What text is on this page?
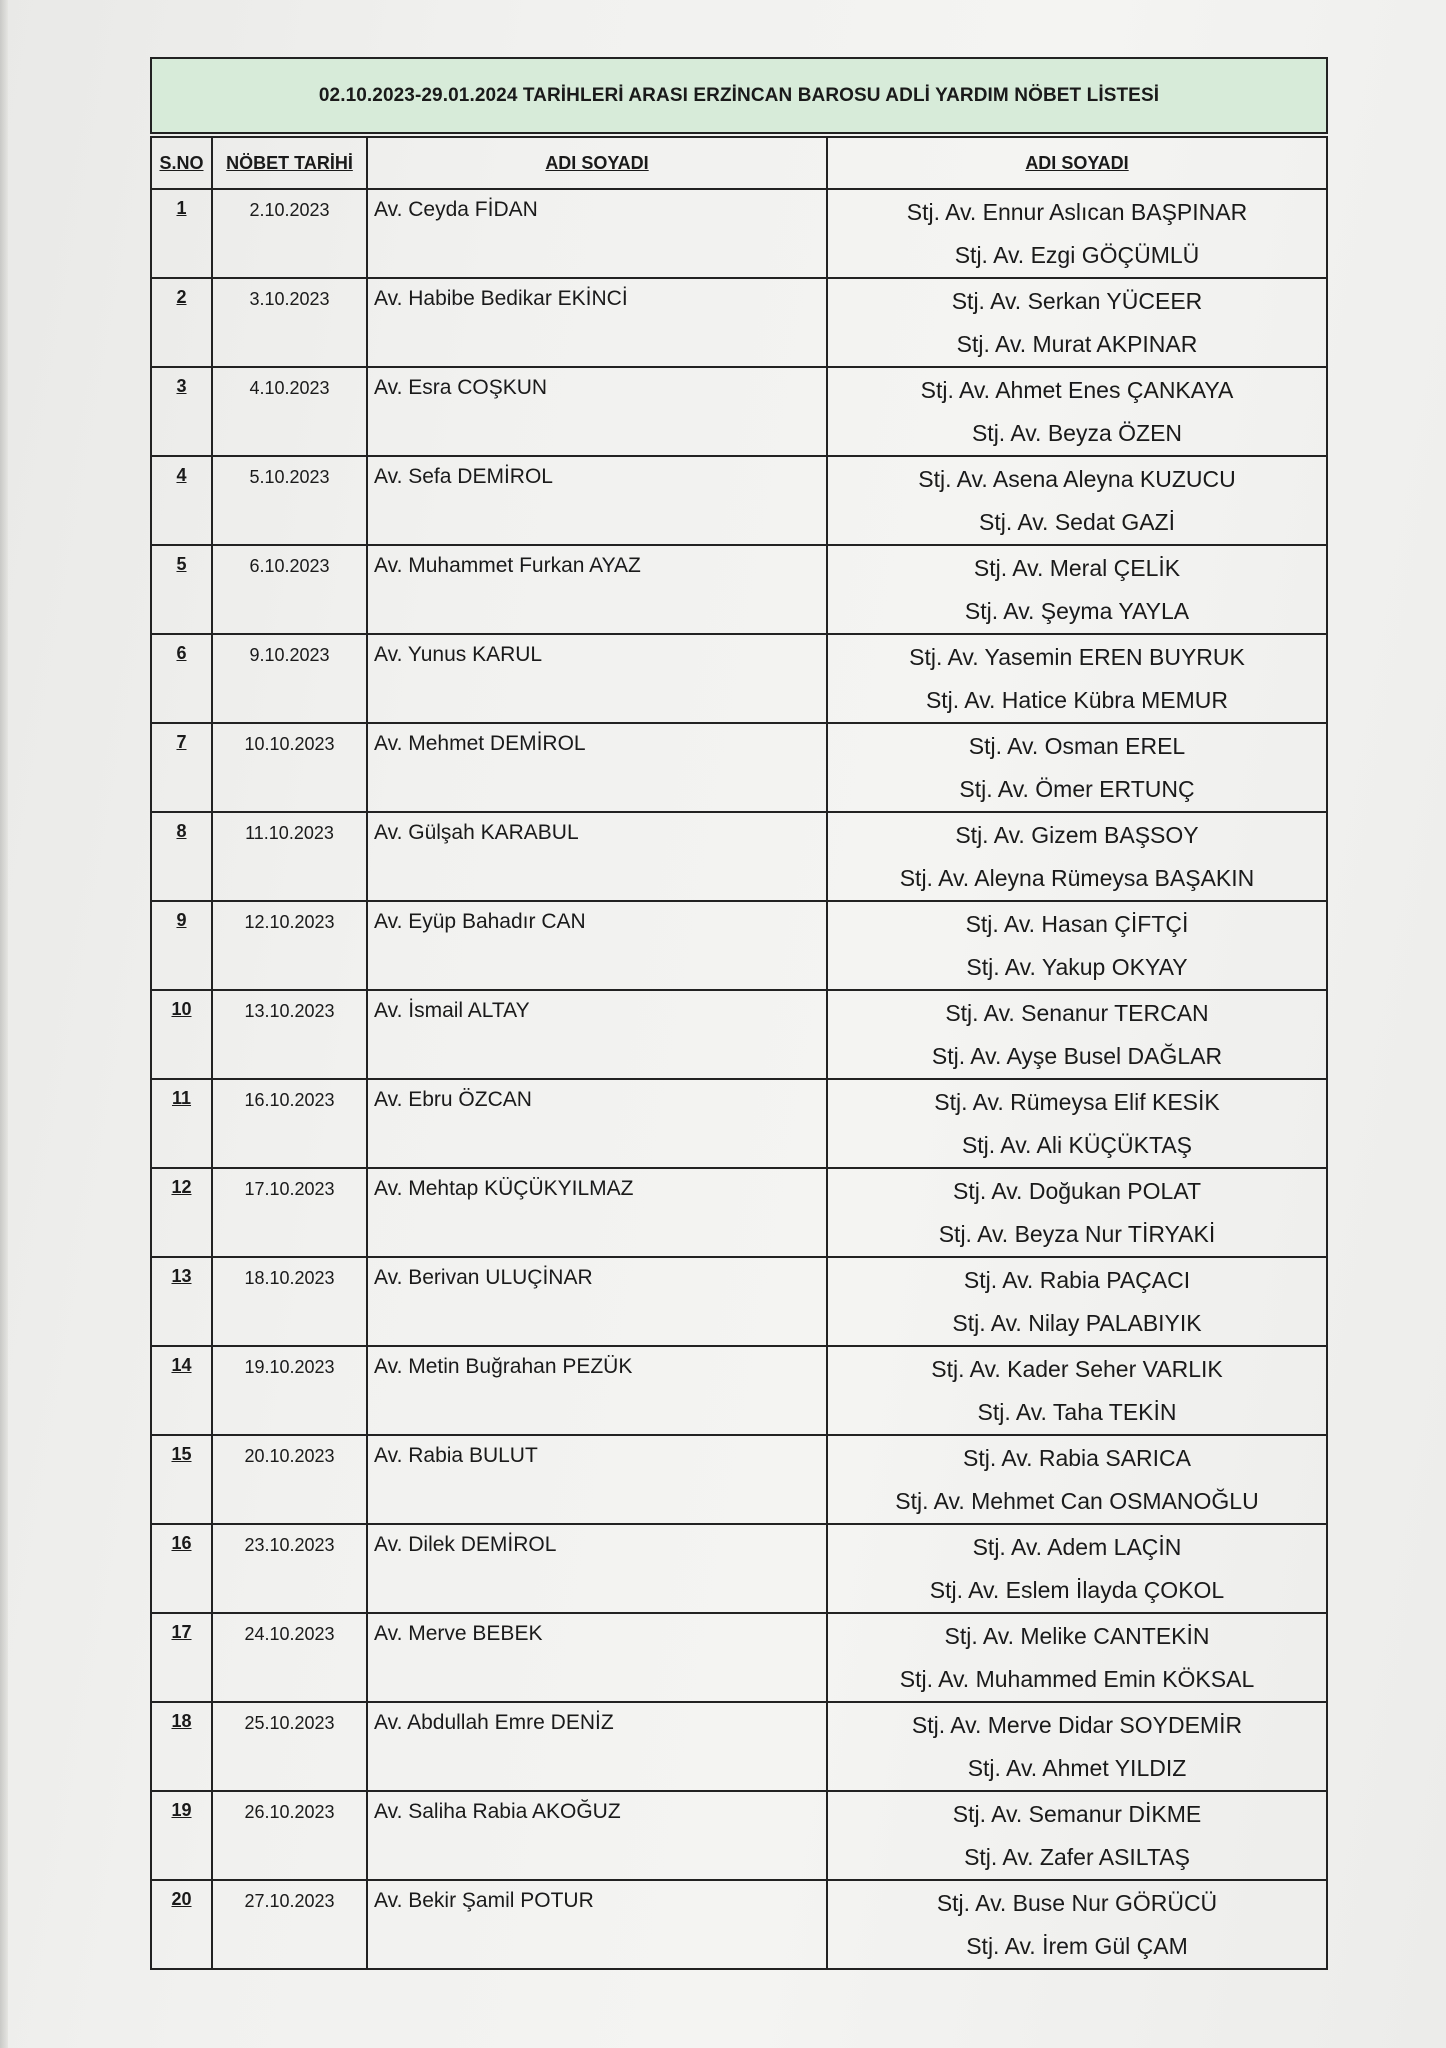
02.10.2023-29.01.2024 TARİHLERİ ARASI ERZİNCAN BAROSU ADLİ YARDIM NÖBET LİSTESİ
S.NO	NÖBET TARİHİ	ADI SOYADI	ADI SOYADI
1	2.10.2023	Av. Ceyda FİDAN	Stj. Av. Ennur Aslıcan BAŞPINAR
Stj. Av. Ezgi GÖÇÜMLÜ

2	3.10.2023	Av. Habibe Bedikar EKİNCİ	Stj. Av. Serkan YÜCEER
Stj. Av. Murat AKPINAR

3	4.10.2023	Av. Esra COŞKUN	Stj. Av. Ahmet Enes ÇANKAYA
Stj. Av. Beyza ÖZEN

4	5.10.2023	Av. Sefa DEMİROL	Stj. Av. Asena Aleyna KUZUCU
Stj. Av. Sedat GAZİ

5	6.10.2023	Av. Muhammet Furkan AYAZ	Stj. Av. Meral ÇELİK
Stj. Av. Şeyma YAYLA

6	9.10.2023	Av. Yunus KARUL	Stj. Av. Yasemin EREN BUYRUK
Stj. Av. Hatice Kübra MEMUR

7	10.10.2023	Av. Mehmet DEMİROL	Stj. Av. Osman EREL
Stj. Av. Ömer ERTUNÇ

8	11.10.2023	Av. Gülşah KARABUL	Stj. Av. Gizem BAŞSOY
Stj. Av. Aleyna Rümeysa BAŞAKIN

9	12.10.2023	Av. Eyüp Bahadır CAN	Stj. Av. Hasan ÇİFTÇİ
Stj. Av. Yakup OKYAY

10	13.10.2023	Av. İsmail ALTAY	Stj. Av. Senanur TERCAN
Stj. Av. Ayşe Busel DAĞLAR

11	16.10.2023	Av. Ebru ÖZCAN	Stj. Av. Rümeysa Elif KESİK
Stj. Av. Ali KÜÇÜKTAŞ

12	17.10.2023	Av. Mehtap KÜÇÜKYILMAZ	Stj. Av. Doğukan POLAT
Stj. Av. Beyza Nur TİRYAKİ

13	18.10.2023	Av. Berivan ULUÇİNAR	Stj. Av. Rabia PAÇACI
Stj. Av. Nilay PALABIYIK

14	19.10.2023	Av. Metin Buğrahan PEZÜK	Stj. Av. Kader Seher VARLIK
Stj. Av. Taha TEKİN

15	20.10.2023	Av. Rabia BULUT	Stj. Av. Rabia SARICA
Stj. Av. Mehmet Can OSMANOĞLU

16	23.10.2023	Av. Dilek DEMİROL	Stj. Av. Adem LAÇİN
Stj. Av. Eslem İlayda ÇOKOL

17	24.10.2023	Av. Merve BEBEK	Stj. Av. Melike CANTEKİN
Stj. Av. Muhammed Emin KÖKSAL

18	25.10.2023	Av. Abdullah Emre DENİZ	Stj. Av. Merve Didar SOYDEMİR
Stj. Av. Ahmet YILDIZ

19	26.10.2023	Av. Saliha Rabia AKOĞUZ	Stj. Av. Semanur DİKME
Stj. Av. Zafer ASILTAŞ

20	27.10.2023	Av. Bekir Şamil POTUR	Stj. Av. Buse Nur GÖRÜCÜ
Stj. Av. İrem Gül ÇAM
